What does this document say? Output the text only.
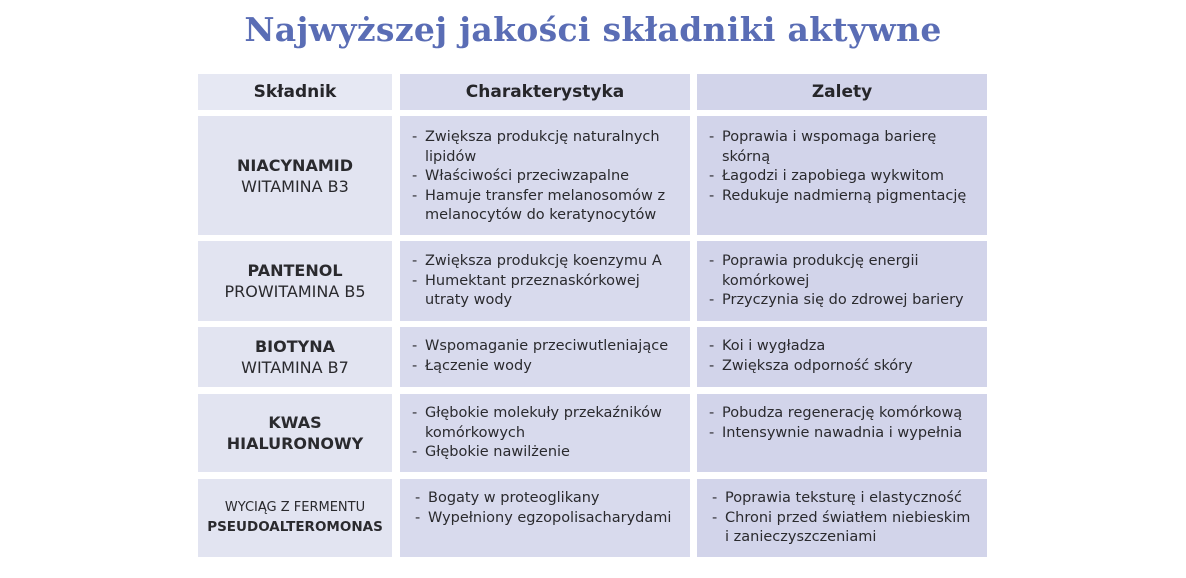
Najwyższej jakości składniki aktywne
Składnik	Charakterystyka	Zalety
NIACYNAMID
WITAMINA B3
- Zwiększa produkcję naturalnych lipidów
- Właściwości przeciwzapalne
- Hamuje transfer melanosomów z melanocytów do keratynocytów
- Poprawia i wspomaga barierę skórną
- Łagodzi i zapobiega wykwitom
- Redukuje nadmierną pigmentację
PANTENOL
PROWITAMINA B5
- Zwiększa produkcję koenzymu A
- Humektant przeznaskórkowej utraty wody
- Poprawia produkcję energii komórkowej
- Przyczynia się do zdrowej bariery
BIOTYNA
WITAMINA B7
- Wspomaganie przeciwutleniające
- Łączenie wody
- Koi i wygładza
- Zwiększa odporność skóry
KWAS
HIALURONOWY
- Głębokie molekuły przekaźników komórkowych
- Głębokie nawilżenie
- Pobudza regenerację komórkową
- Intensywnie nawadnia i wypełnia
WYCIĄG Z FERMENTU
PSEUDOALTEROMONAS
- Bogaty w proteoglikany
- Wypełniony egzopolisacharydami
- Poprawia teksturę i elastyczność
- Chroni przed światłem niebieskim i zanieczyszczeniami
